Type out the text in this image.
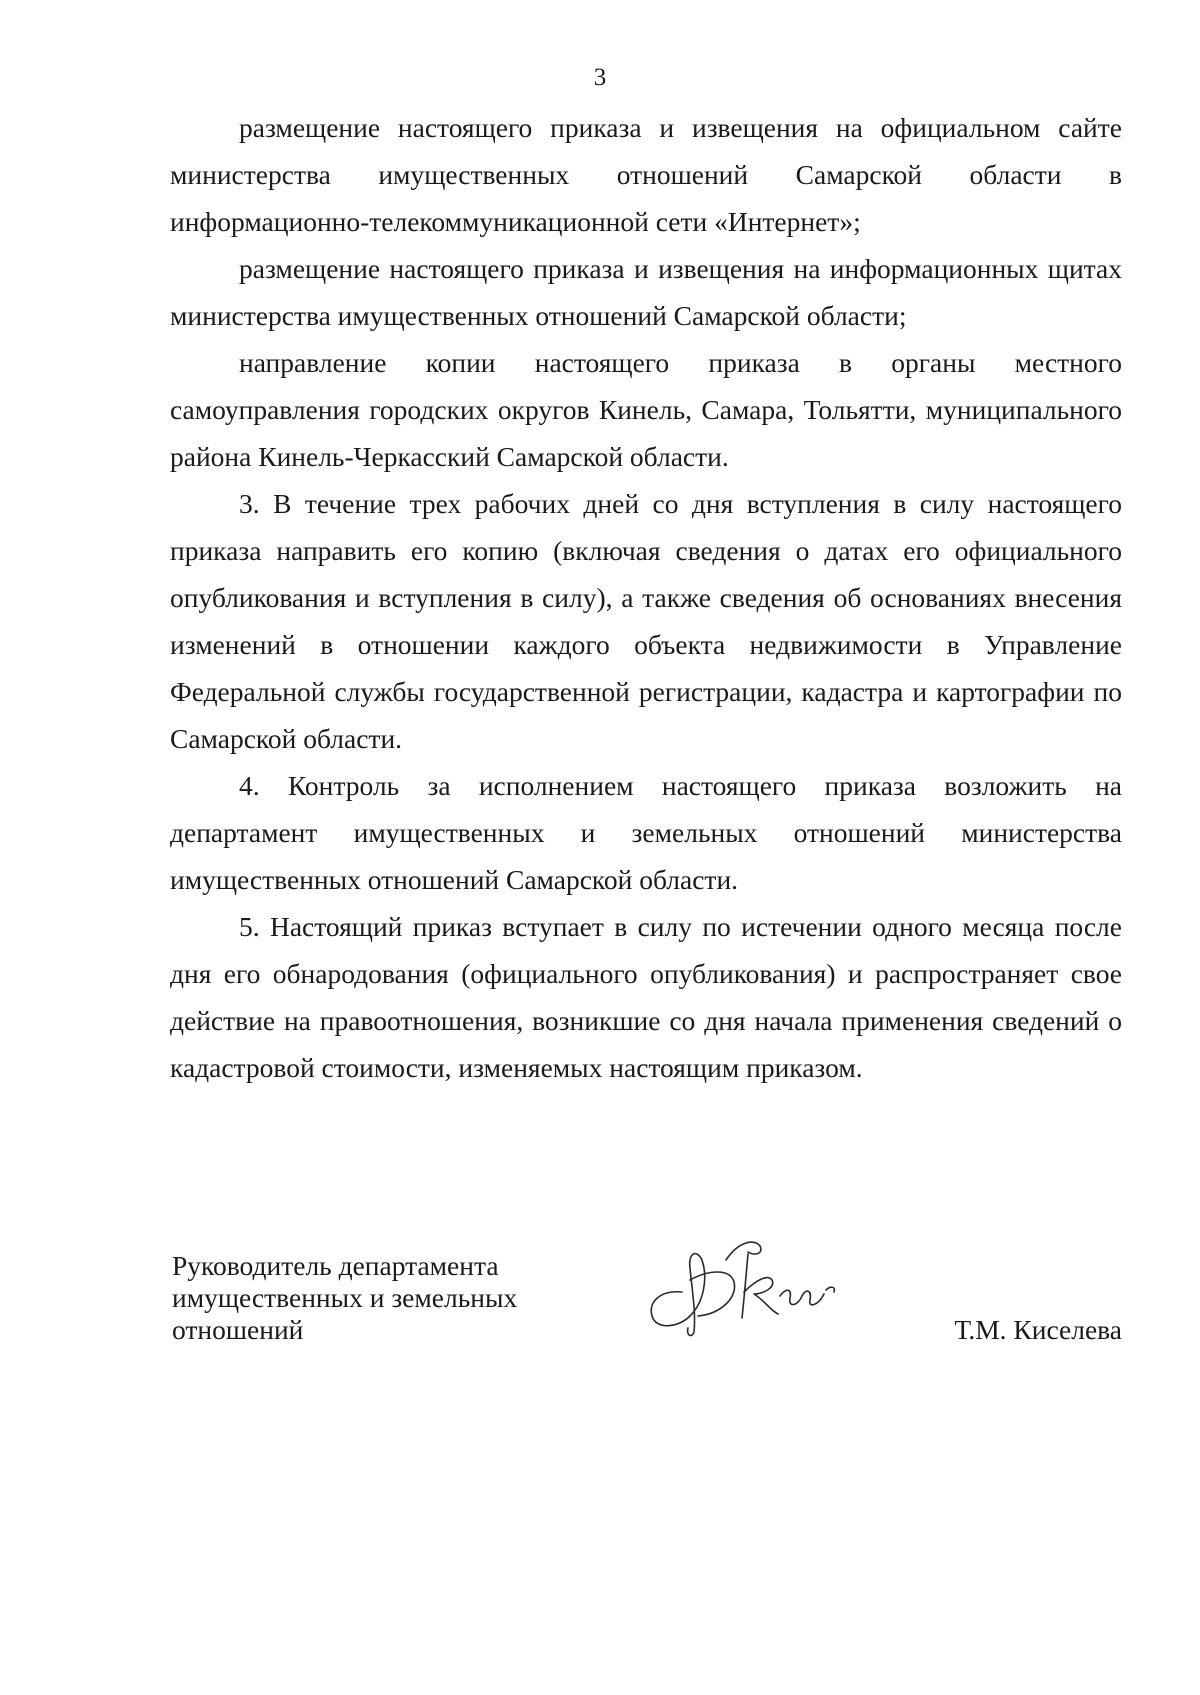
3

размещение настоящего приказа и извещения на официальном сайте министерства имущественных отношений Самарской области в информационно-телекоммуникационной сети «Интернет»;

размещение настоящего приказа и извещения на информационных щитах министерства имущественных отношений Самарской области;

направление копии настоящего приказа в органы местного самоуправления городских округов Кинель, Самара, Тольятти, муниципального района Кинель-Черкасский Самарской области.

3. В течение трех рабочих дней со дня вступления в силу настоящего приказа направить его копию (включая сведения о датах его официального опубликования и вступления в силу), а также сведения об основаниях внесения изменений в отношении каждого объекта недвижимости в Управление Федеральной службы государственной регистрации, кадастра и картографии по Самарской области.

4. Контроль за исполнением настоящего приказа возложить на департамент имущественных и земельных отношений министерства имущественных отношений Самарской области.

5. Настоящий приказ вступает в силу по истечении одного месяца после дня его обнародования (официального опубликования) и распространяет свое действие на правоотношения, возникшие со дня начала применения сведений о кадастровой стоимости, изменяемых настоящим приказом.

Руководитель департамента
имущественных и земельных
отношений	Т.М. Киселева
